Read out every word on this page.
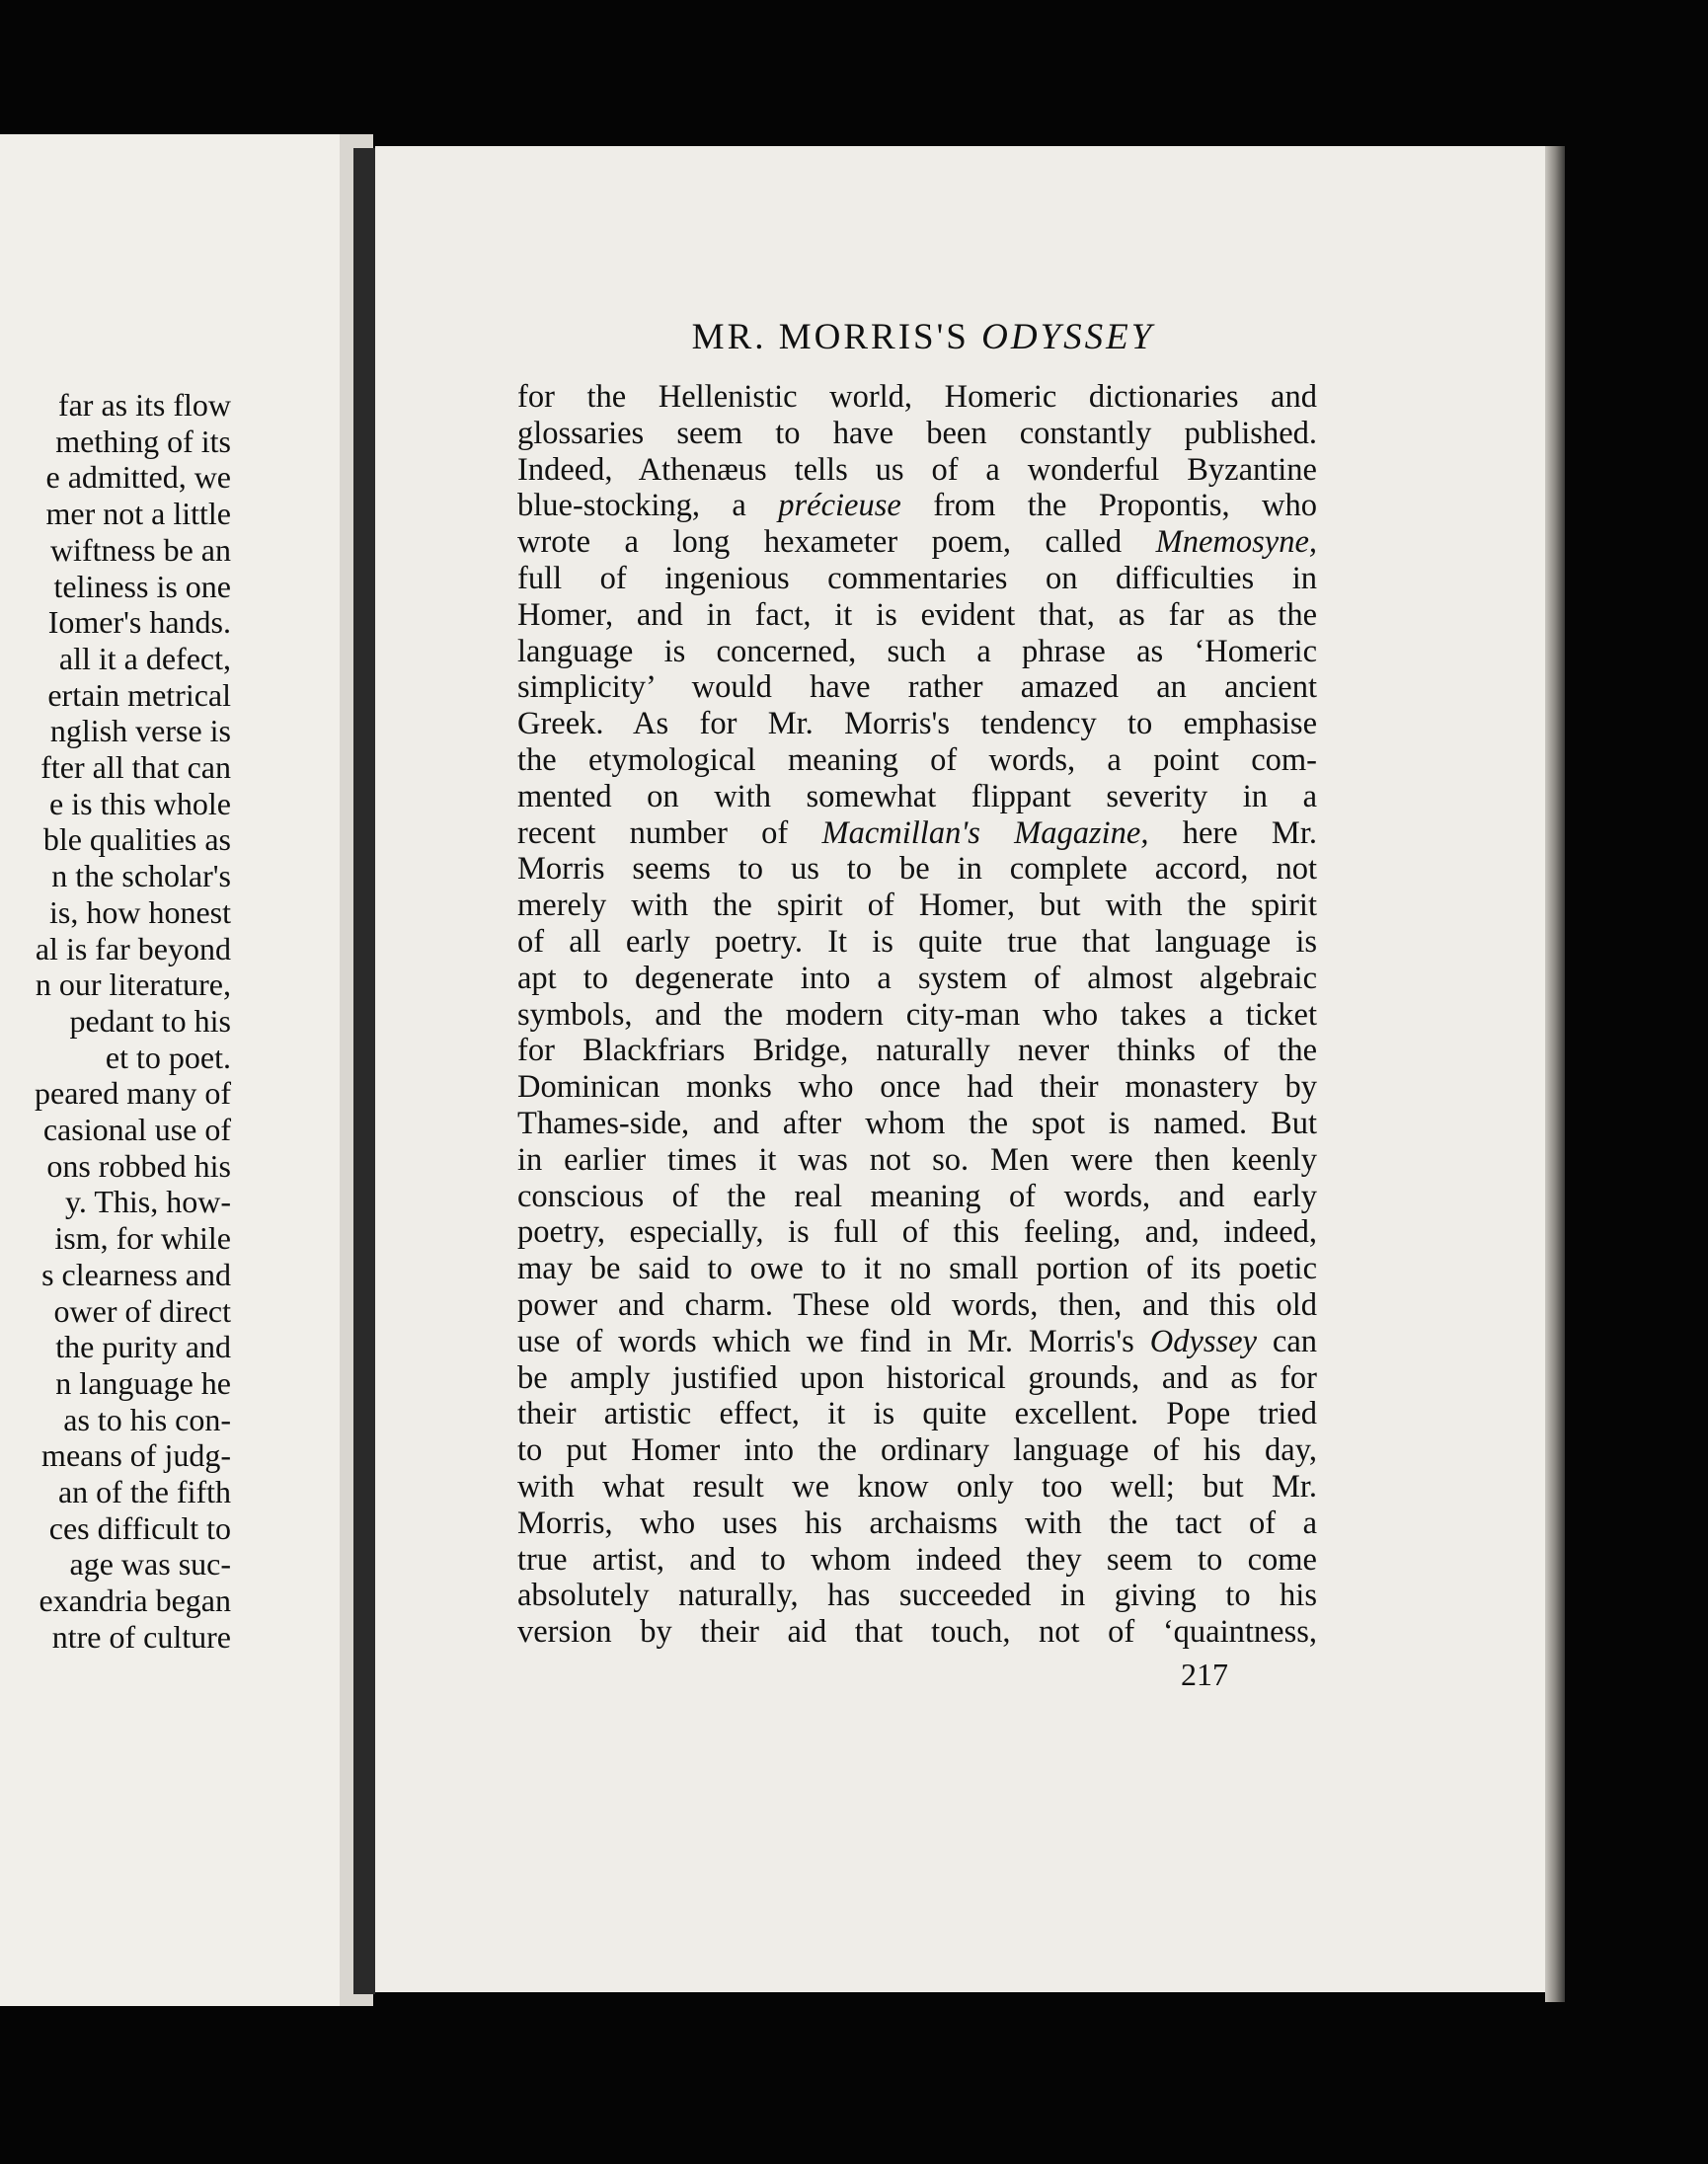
far as its flow
mething of its
e admitted, we
mer not a little
wiftness be an
teliness is one
Iomer's hands.
all it a defect,
ertain metrical
nglish verse is
fter all that can
e is this whole
ble qualities as
n the scholar's
is, how honest
al is far beyond
n our literature,
pedant to his
et to poet.
peared many of
casional use of
ons robbed his
y. This, how-
ism, for while
s clearness and
ower of direct
the purity and
n language he
as to his con-
means of judg-
an of the fifth
ces difficult to
age was suc-
exandria began
ntre of culture
MR. MORRIS'S ODYSSEY
for the Hellenistic world, Homeric dictionaries and
glossaries seem to have been constantly published.
Indeed, Athenæus tells us of a wonderful Byzantine
blue-stocking, a précieuse from the Propontis, who
wrote a long hexameter poem, called Mnemosyne,
full of ingenious commentaries on difficulties in
Homer, and in fact, it is evident that, as far as the
language is concerned, such a phrase as ‘Homeric
simplicity’ would have rather amazed an ancient
Greek. As for Mr. Morris's tendency to emphasise
the etymological meaning of words, a point com-
mented on with somewhat flippant severity in a
recent number of Macmillan's Magazine, here Mr.
Morris seems to us to be in complete accord, not
merely with the spirit of Homer, but with the spirit
of all early poetry. It is quite true that language is
apt to degenerate into a system of almost algebraic
symbols, and the modern city-man who takes a ticket
for Blackfriars Bridge, naturally never thinks of the
Dominican monks who once had their monastery by
Thames-side, and after whom the spot is named. But
in earlier times it was not so. Men were then keenly
conscious of the real meaning of words, and early
poetry, especially, is full of this feeling, and, indeed,
may be said to owe to it no small portion of its poetic
power and charm. These old words, then, and this old
use of words which we find in Mr. Morris's Odyssey can
be amply justified upon historical grounds, and as for
their artistic effect, it is quite excellent. Pope tried
to put Homer into the ordinary language of his day,
with what result we know only too well; but Mr.
Morris, who uses his archaisms with the tact of a
true artist, and to whom indeed they seem to come
absolutely naturally, has succeeded in giving to his
version by their aid that touch, not of ‘quaintness,
217
